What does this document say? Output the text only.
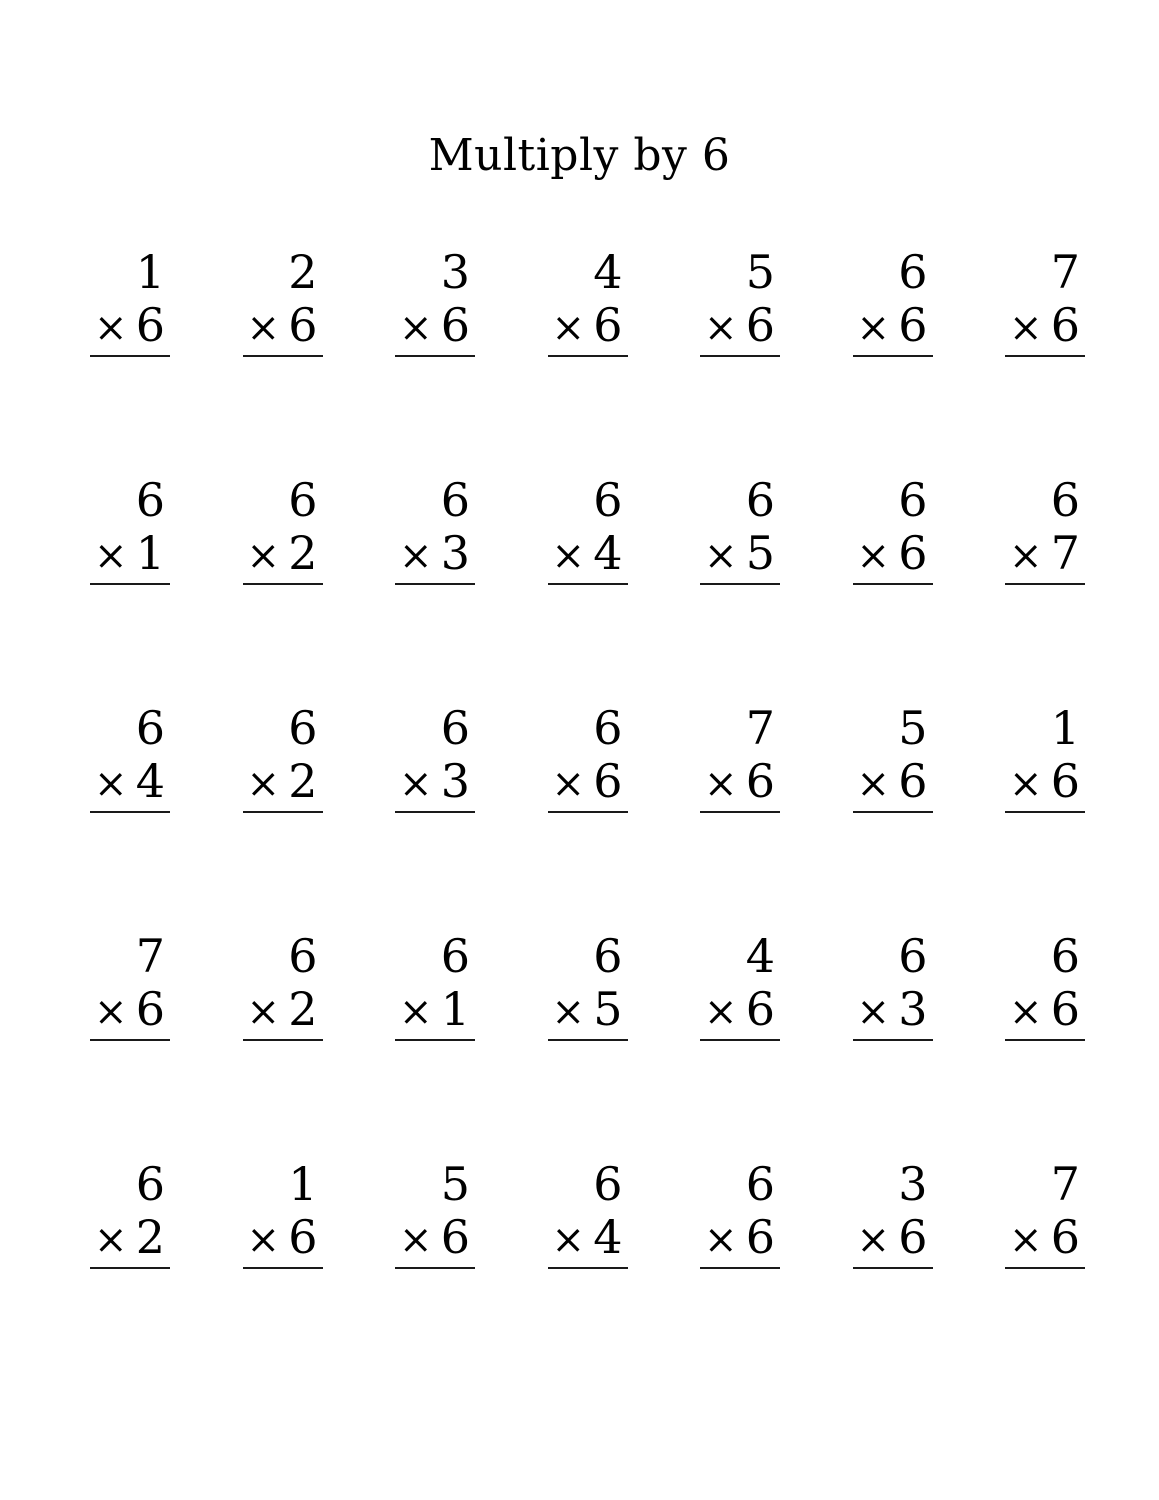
Multiply by 6
1
× 6
2
× 6
3
× 6
4
× 6
5
× 6
6
× 6
7
× 6
6
× 1
6
× 2
6
× 3
6
× 4
6
× 5
6
× 6
6
× 7
6
× 4
6
× 2
6
× 3
6
× 6
7
× 6
5
× 6
1
× 6
7
× 6
6
× 2
6
× 1
6
× 5
4
× 6
6
× 3
6
× 6
6
× 2
1
× 6
5
× 6
6
× 4
6
× 6
3
× 6
7
× 6
